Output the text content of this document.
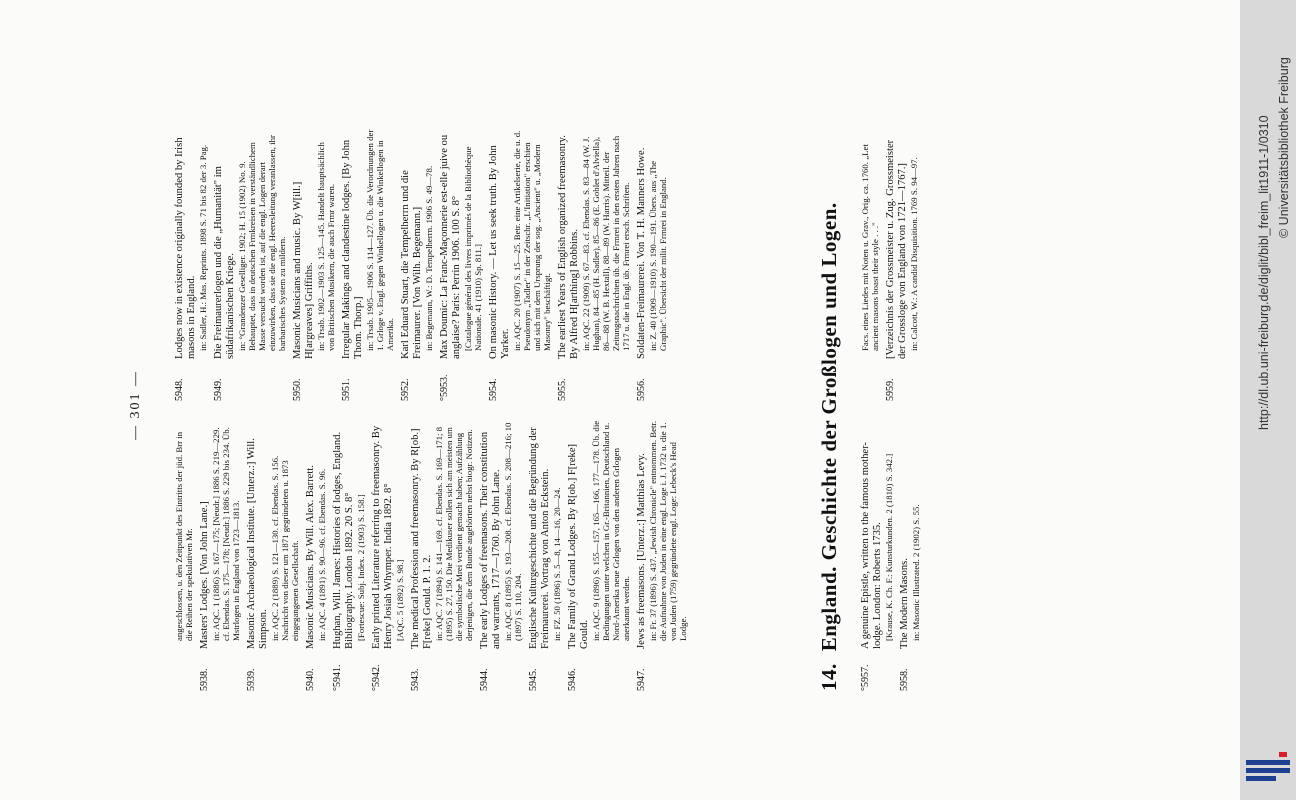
— 301 —
angeschlossen, u. den Zeitpunkt des Eintritts der jüd. Brr in die Reihen der spekulativen Mr.
5938.
Masters' Lodges. [Von John Lane.] in: AQC. 1 (1886) S. 167—175; [Neudr.] 1886 S. 219—229. cf. Ebendas. S. 175—178; [Neudr.] 1886 S. 229 bis 234. Üb. Mstrlogen in England von 1723—1813.
5939.
Masonic Archaeological Institute. [Unterz.:] Will. Simpson. in: AQC. 2 (1889) S. 121—130. cf. Ebendas. S. 156. Nachricht von dieser um 1871 gegründeten u. 1873 eingegangenen Gesellschaft.
5940.
Masonic Musicians. By Will. Alex. Barrett. in: AQC. 4 (1891) S. 90—96. cf. Ebendas. S. 96.
°5941.
Hughan, Will. James: Histories of lodges, England. Bibliography. London 1892. 20 S. 8° [Fortescue: Subj. Index. 2 (1903) S. 158.]
°5942.
Early printed Literature referring to freemasonry. By Henry Josiah Whymper. India 1892. 8° [AQC. 5 (1892) S. 98.]
5943.
The medical Profession and freemasonry. By R[ob.] F[reke] Gould. P. 1. 2. in: AQC. 7 (1894) S. 141—169. cf. Ebendas. S. 169—171; 8 (1895) S. 27, 150. Die Medikuser sollen sich am meisten um die symbolische Mrei verdient gemacht haben; Aufzählung derjenigen, die dem Bunde angehörten nebst biogr. Notizen.
5944.
The early Lodges of freemasons. Their constitution and warrants, 1717—1760. By John Lane. in: AQC. 8 (1895) S. 193—208. cf. Ebendas. S. 208—216; 10 (1897) S. 110, 204.
5945.
Englische Kulturgeschichte und die Begründung der Freimaurerei. Vortrag von Anton Eckstein. in: FZ. 50 (1896) S. 5—8, 14—16, 20—24.
5946.
The Family of Grand Lodges. By R[ob.] F[reke] Gould. in: AQC. 9 (1896) S. 155—157, 165—166, 177—178. Üb. die Bedingungen unter welchen in Gr.-Britannien, Deutschland u. Nord-Amerika neue Grlogen von den anderen Grlogen anerkannt werden.
5947.
Jews as freemasons. [Unterz.:] Matthias Levy. in: Fr. 37 (1896) S. 437. „Jewish Chronicle" entnommen. Betr. die Aufnahme von Juden in eine engl. Loge i. J. 1732 u. die 1. von Juden (1759) gegründete engl. Loge: Lebeck's Head Lodge.
5948.
Lodges now in existence originally founded by Irish masons in England. in: Sadler, H.: Mas. Reprints. 1898 S. 71 bis 82 der 3. Pag.
5949.
Die Freimaurerlogen und die „Humanität" im südafrikanischen Kriege. in: °Grandenzer Geselliger. 1902; H. 15 (1902) No. 9. Behauptet, dass in deutschen Frmkreisen in verständlichem Masse versucht worden ist, auf die engl. Logen derart einzuwirken, dass sie die engl. Heeresleitung veranlassen, ihr barbarisches System zu mildern.
5950.
Masonic Musicians and music. By W[ill.] H[argreaves] Griffiths. in: Trsab. 1902—1903 S. 125—145. Handelt hauptsächlich von Britischen Musikern, die auch Frmr waren.
5951.
Irregular Makings and clandestine lodges. [By John Thom. Thorp.] in: Trsab. 1905—1906 S. 114—127. Üb. die Verordnungen der 1. Grloge v. Engl. gegen Winkellogen u. die Winkellogen in Amerika.
5952.
Karl Eduard Stuart, die Tempelherrn und die Freimaurer. [Von Wilh. Begemann.] in: Begemann, W.: D. Tempelherrn. 1906 S. 49—78.
°5953.
Max Doumic: La Franc-Maçonnerie est-elle juive ou anglaise? Paris: Perrin 1906. 100 S. 8° [Catalogue général des livres imprimés de la Bibliothèque Nationale. 41 (1910) Sp. 811.]
5954.
On masonic History. — Let us seek truth. By John Yarker. in: AQC. 20 (1907) S. 15—25. Betr. eine Artikelserie, die u. d. Pseudonym „Tadler" in der Zeitschr. „L'Initiation" erschien und sich mit dem Ursprung der sog. „Ancient" u. „Modern Masonry" beschäftigt.
5955.
The earliest Years of English organized freemasonry. By Alfred H[arthing] Robbins. in: AQC. 22 (1909) S. 67—83. cf. Ebendas. S. 83—84 (W. J. Hughan), 84—85 (H. Sadler), 85—86 (E. Goblet d'Alviella), 86—88 (W. B. Hextall), 88—89 (W. Harris). Mitteil. der Zeitungsnachrichten üb. die Frmrei in den ersten Jahren nach 1717 u. die in Engl. üb. Frmrei ersch. Schriften.
5956.
Soldaten-Freimaurerei. Von T. H. Manners Howe. in: Z. 40 (1909—1910) S. 190—191. Übers. aus „The Graphic". Übersicht der milit. Frmrei in England.
14.England. Geschichte der Großlogen und Logen.
°5957.
A genuine Epistle, written to the famous mother-lodge. London: Roberts 1735. [Krause, K. Ch. F.: Kunsturkunden. 2 (1810) S. 342.]
5958.
The Modern Masons. in: Masonic Illustrated. 2 (1902) S. 55.
Facs. eines Liedes mit Noten u. Grav., Orig. ca. 1760. „Let ancient masons boast their style . . ."
5959.
[Verzeichnis der Grossmeister u. Zug. Grossmeister der Grossloge von England von 1721—1767.] in: Calcott, W.: A candid Disquisition. 1769 S. 94—97.	http://dl.ub.uni-freiburg.de/diglit/bibl_freim_lit1911-1/0310 © Universitätsbibliothek Freiburg
